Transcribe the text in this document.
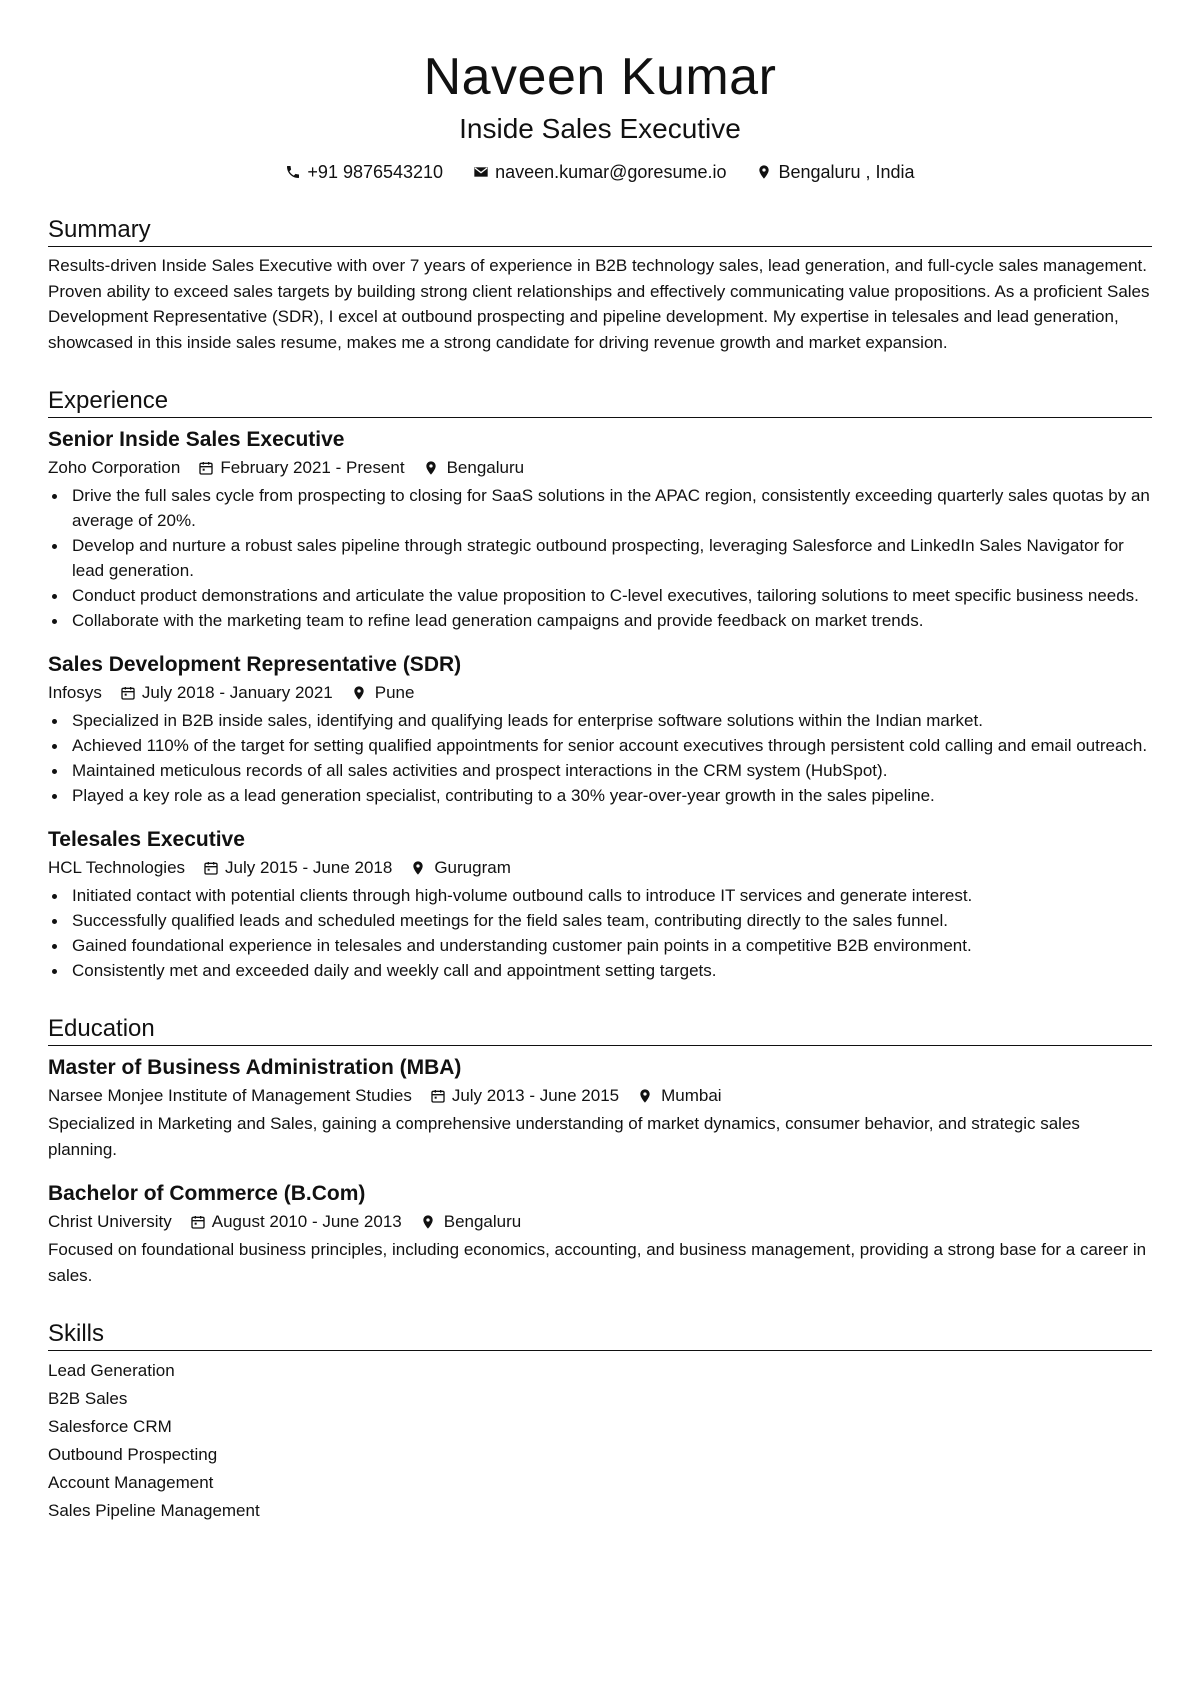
Naveen Kumar
Inside Sales Executive
+91 9876543210	naveen.kumar@goresume.io	Bengaluru , India
Summary

Results-driven Inside Sales Executive with over 7 years of experience in B2B technology sales, lead generation, and full-cycle sales management. Proven ability to exceed sales targets by building strong client relationships and effectively communicating value propositions. As a proficient Sales Development Representative (SDR), I excel at outbound prospecting and pipeline development. My expertise in telesales and lead generation, showcased in this inside sales resume, makes me a strong candidate for driving revenue growth and market expansion.

Experience
Senior Inside Sales Executive
Zoho Corporation February 2021 - Present Bengaluru
Drive the full sales cycle from prospecting to closing for SaaS solutions in the APAC region, consistently exceeding quarterly sales quotas by an average of 20%.
Develop and nurture a robust sales pipeline through strategic outbound prospecting, leveraging Salesforce and LinkedIn Sales Navigator for lead generation.
Conduct product demonstrations and articulate the value proposition to C-level executives, tailoring solutions to meet specific business needs.
Collaborate with the marketing team to refine lead generation campaigns and provide feedback on market trends.
Sales Development Representative (SDR)
Infosys July 2018 - January 2021 Pune
Specialized in B2B inside sales, identifying and qualifying leads for enterprise software solutions within the Indian market.
Achieved 110% of the target for setting qualified appointments for senior account executives through persistent cold calling and email outreach.
Maintained meticulous records of all sales activities and prospect interactions in the CRM system (HubSpot).
Played a key role as a lead generation specialist, contributing to a 30% year-over-year growth in the sales pipeline.
Telesales Executive
HCL Technologies July 2015 - June 2018 Gurugram
Initiated contact with potential clients through high-volume outbound calls to introduce IT services and generate interest.
Successfully qualified leads and scheduled meetings for the field sales team, contributing directly to the sales funnel.
Gained foundational experience in telesales and understanding customer pain points in a competitive B2B environment.
Consistently met and exceeded daily and weekly call and appointment setting targets.
Education
Master of Business Administration (MBA)
Narsee Monjee Institute of Management Studies July 2013 - June 2015 Mumbai

Specialized in Marketing and Sales, gaining a comprehensive understanding of market dynamics, consumer behavior, and strategic sales planning.

Bachelor of Commerce (B.Com)
Christ University August 2010 - June 2013 Bengaluru

Focused on foundational business principles, including economics, accounting, and business management, providing a strong base for a career in sales.

Skills
Lead Generation
B2B Sales
Salesforce CRM
Outbound Prospecting
Account Management
Sales Pipeline Management
